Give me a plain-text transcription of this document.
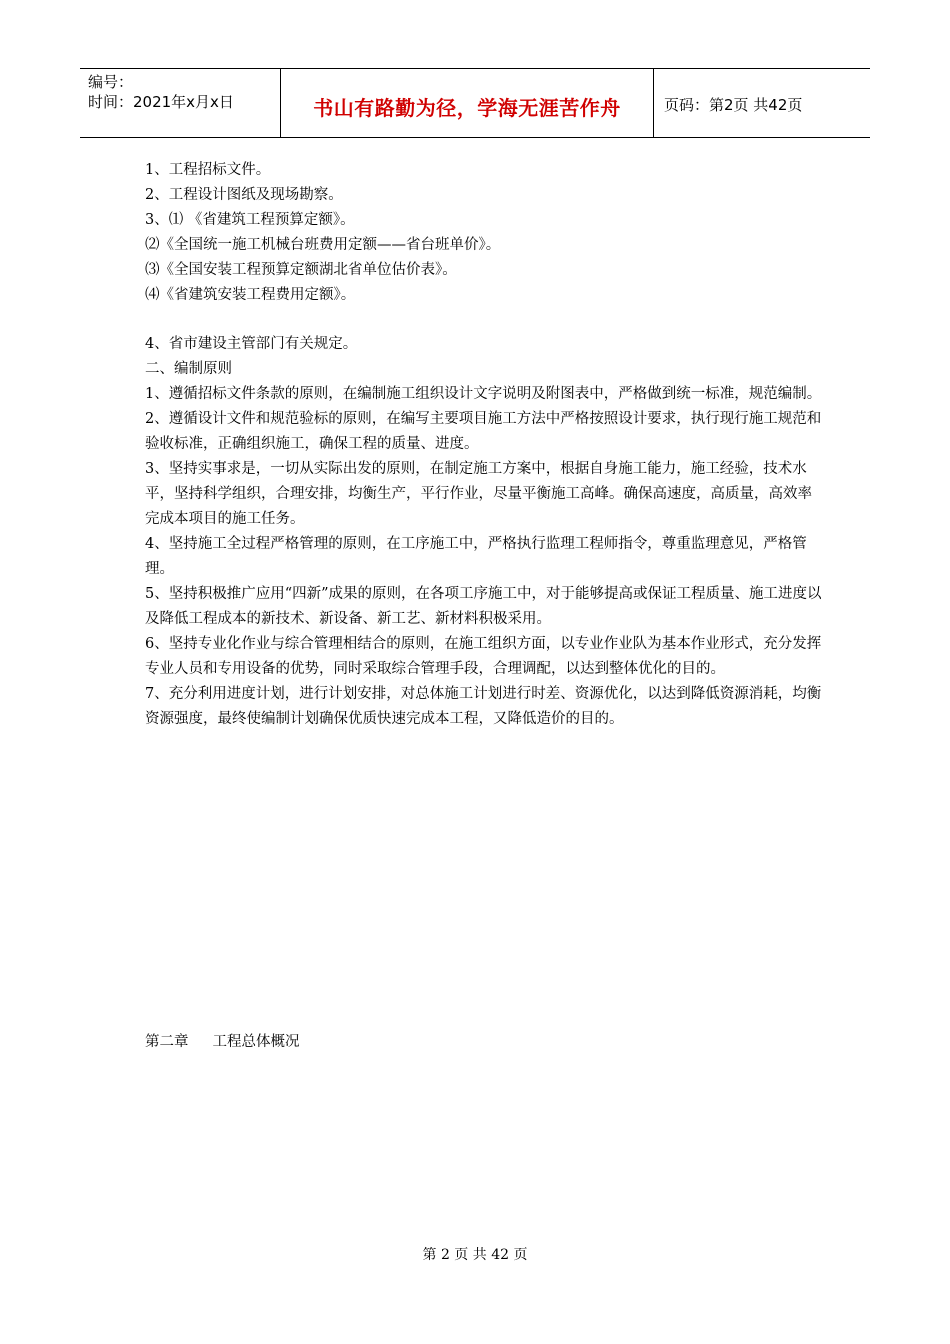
编号：
时间：2021年x月x日	书山有路勤为径，学海无涯苦作舟	页码：第2页 共42页

1、工程招标文件。

2、工程设计图纸及现场勘察。

3、⑴ 《省建筑工程预算定额》。

⑵《全国统一施工机械台班费用定额——省台班单价》。

⑶《全国安装工程预算定额湖北省单位估价表》。

⑷《省建筑安装工程费用定额》。

4、省市建设主管部门有关规定。

二、编制原则

1、遵循招标文件条款的原则，在编制施工组织设计文字说明及附图表中，严格做到统一标准，规范编制。

2、遵循设计文件和规范验标的原则，在编写主要项目施工方法中严格按照设计要求，执行现行施工规范和验收标准，正确组织施工，确保工程的质量、进度。

3、坚持实事求是，一切从实际出发的原则，在制定施工方案中，根据自身施工能力，施工经验，技术水平，坚持科学组织，合理安排，均衡生产，平行作业，尽量平衡施工高峰。确保高速度，高质量，高效率完成本项目的施工任务。

4、坚持施工全过程严格管理的原则，在工序施工中，严格执行监理工程师指令，尊重监理意见，严格管理。

5、坚持积极推广应用“四新”成果的原则，在各项工序施工中，对于能够提高或保证工程质量、施工进度以及降低工程成本的新技术、新设备、新工艺、新材料积极采用。

6、坚持专业化作业与综合管理相结合的原则，在施工组织方面，以专业作业队为基本作业形式，充分发挥专业人员和专用设备的优势，同时采取综合管理手段，合理调配，以达到整体优化的目的。

7、充分利用进度计划，进行计划安排，对总体施工计划进行时差、资源优化，以达到降低资源消耗，均衡资源强度，最终使编制计划确保优质快速完成本工程，又降低造价的目的。

第二章 工程总体概况
第 2 页 共 42 页
